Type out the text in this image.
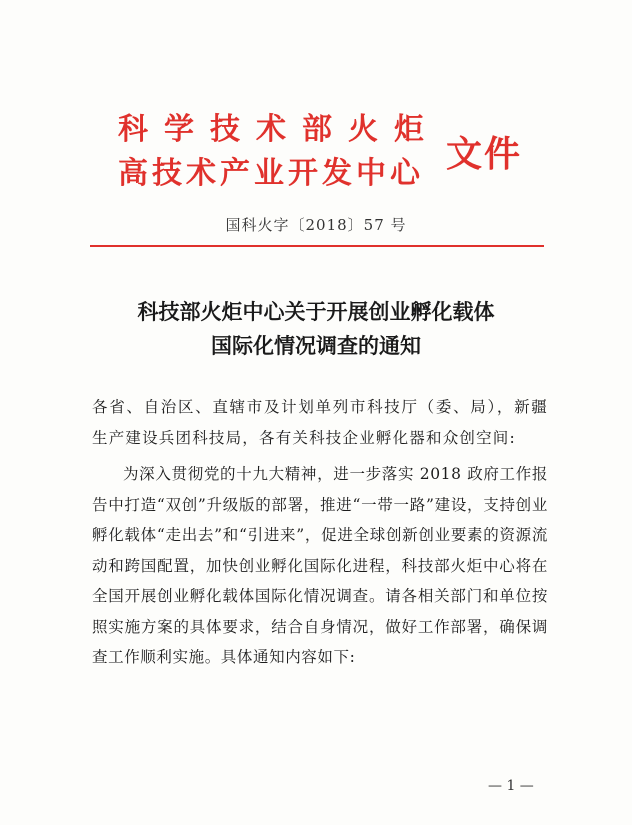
科学技术部火炬
高技术产业开发中心 文件
国科火字〔2018〕57 号
科技部火炬中心关于开展创业孵化载体
国际化情况调查的通知

各省、自治区、直辖市及计划单列市科技厅（委、局），新疆生产建设兵团科技局，各有关科技企业孵化器和众创空间:

为深入贯彻党的十九大精神，进一步落实 2018 政府工作报告中打造“双创”升级版的部署，推进“一带一路”建设，支持创业孵化载体“走出去”和“引进来”，促进全球创新创业要素的资源流动和跨国配置，加快创业孵化国际化进程，科技部火炬中心将在全国开展创业孵化载体国际化情况调查。请各相关部门和单位按照实施方案的具体要求，结合自身情况，做好工作部署，确保调查工作顺利实施。具体通知内容如下:

— 1 —
